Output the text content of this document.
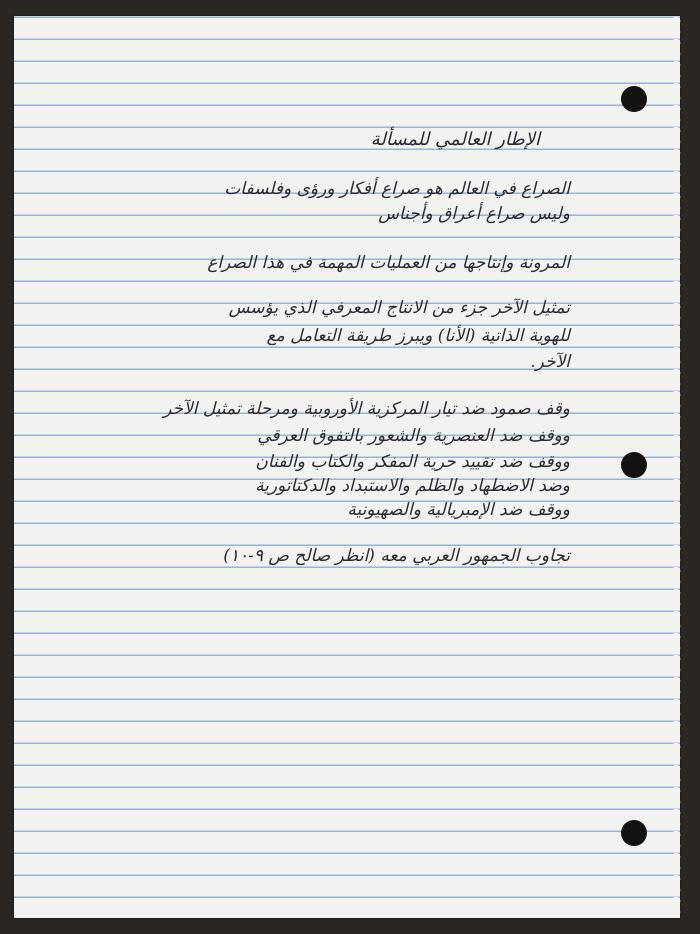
الإطار العالمي للمسألة
الصراع في العالم هو صراع أفكار ورؤى وفلسفات
وليس صراع أعراق وأجناس
المرونة وإنتاجها من العمليات المهمة في هذا الصراع
تمثيل الآخر جزء من الانتاج المعرفي الذي يؤسس
للهوية الذاتية (الأنا) ويبرز طريقة التعامل مع
الآخر.
وقف صمود ضد تيار المركزية الأوروبية ومرحلة تمثيل الآخر
ووقف ضد العنصرية والشعور بالتفوق العرقي
ووقف ضد تقييد حرية المفكر والكتاب والفنان
وضد الاضطهاد والظلم والاستبداد والدكتاتورية
ووقف ضد الإمبريالية والصهيونية
تجاوب الجمهور العربي معه (انظر صالح ص ٩-١٠)
